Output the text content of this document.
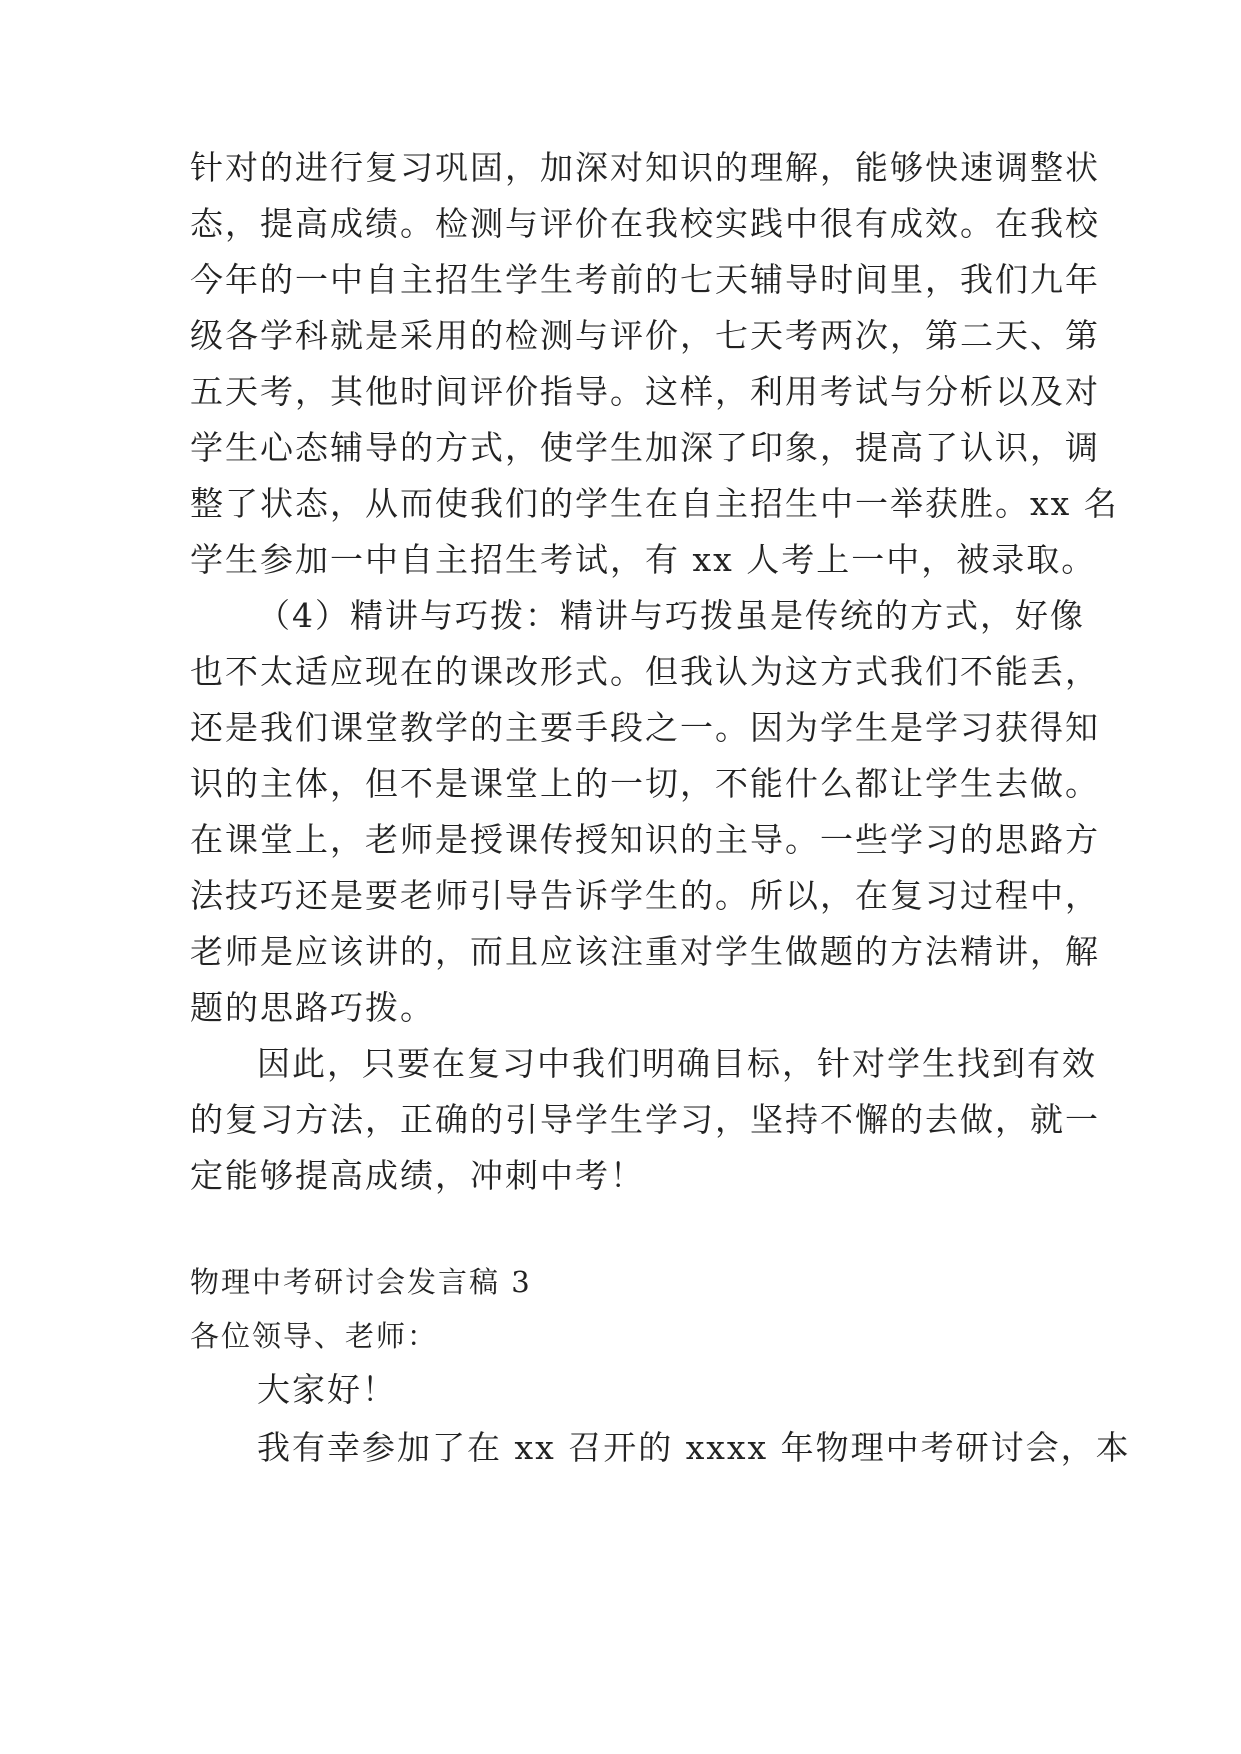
针对的进行复习巩固，加深对知识的理解，能够快速调整状
态，提高成绩。检测与评价在我校实践中很有成效。在我校
今年的一中自主招生学生考前的七天辅导时间里，我们九年
级各学科就是采用的检测与评价，七天考两次，第二天、第
五天考，其他时间评价指导。这样，利用考试与分析以及对
学生心态辅导的方式，使学生加深了印象，提高了认识，调
整了状态，从而使我们的学生在自主招生中一举获胜。xx 名
学生参加一中自主招生考试，有 xx 人考上一中，被录取。
（4）精讲与巧拨：精讲与巧拨虽是传统的方式，好像
也不太适应现在的课改形式。但我认为这方式我们不能丢，
还是我们课堂教学的主要手段之一。因为学生是学习获得知
识的主体，但不是课堂上的一切，不能什么都让学生去做。
在课堂上，老师是授课传授知识的主导。一些学习的思路方
法技巧还是要老师引导告诉学生的。所以，在复习过程中，
老师是应该讲的，而且应该注重对学生做题的方法精讲，解
题的思路巧拨。
因此，只要在复习中我们明确目标，针对学生找到有效
的复习方法，正确的引导学生学习，坚持不懈的去做，就一
定能够提高成绩，冲刺中考！
物理中考研讨会发言稿 3
各位领导、老师：
大家好！
我有幸参加了在 xx 召开的 xxxx 年物理中考研讨会，本
